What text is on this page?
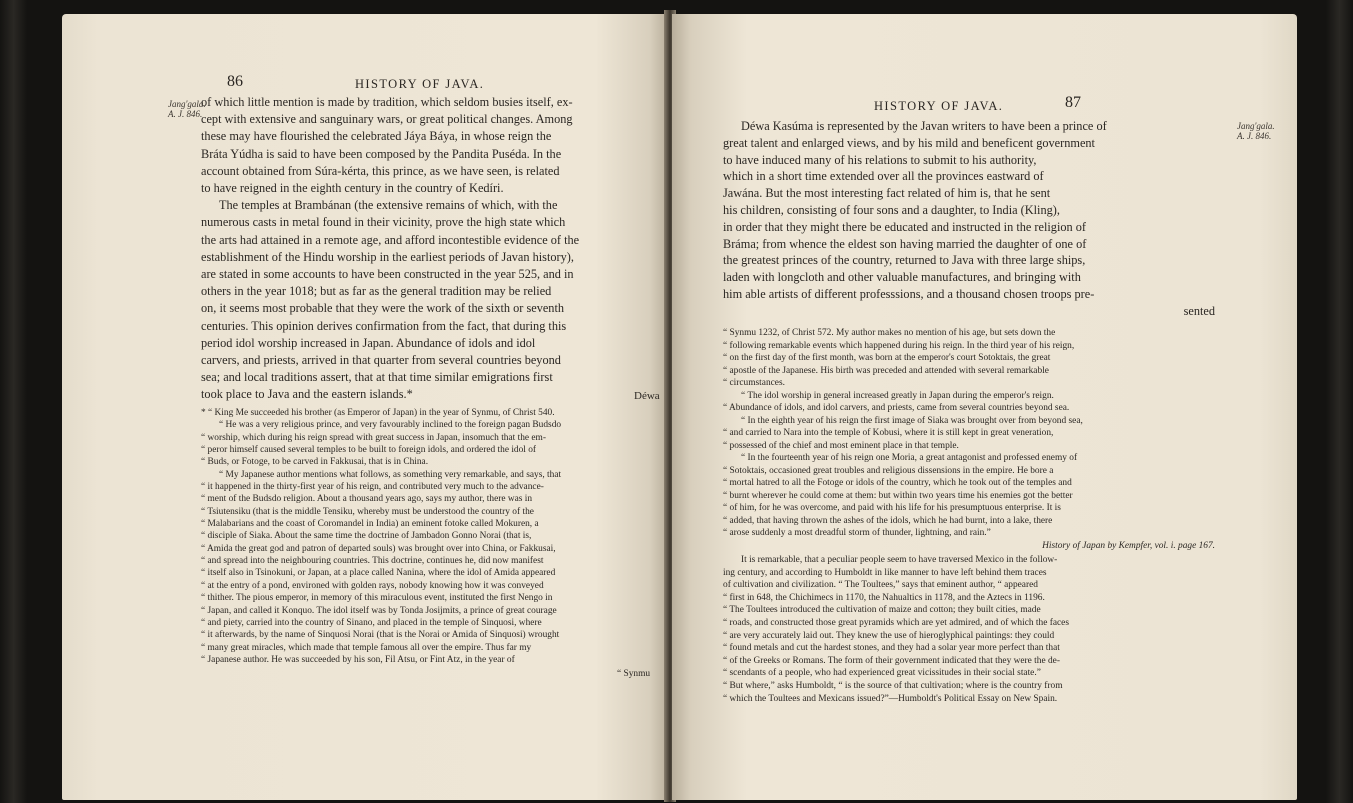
86	HISTORY OF JAVA.
Jang'gala.
A. J. 846.
of which little mention is made by tradition, which seldom busies itself, ex-
cept with extensive and sanguinary wars, or great political changes. Among
these may have flourished the celebrated Jáya Báya, in whose reign the
Bráta Yúdha is said to have been composed by the Pandita Puséda. In the
account obtained from Súra-kérta, this prince, as we have seen, is related
to have reigned in the eighth century in the country of Kedíri.
The temples at Brambánan (the extensive remains of which, with the
numerous casts in metal found in their vicinity, prove the high state which
the arts had attained in a remote age, and afford incontestible evidence of the
establishment of the Hindu worship in the earliest periods of Javan history),
are stated in some accounts to have been constructed in the year 525, and in
others in the year 1018; but as far as the general tradition may be relied
on, it seems most probable that they were the work of the sixth or seventh
centuries. This opinion derives confirmation from the fact, that during this
period idol worship increased in Japan. Abundance of idols and idol
carvers, and priests, arrived in that quarter from several countries beyond
sea; and local traditions assert, that at that time similar emigrations first
took place to Java and the eastern islands.*	Déwa
* “ King Me succeeded his brother (as Emperor of Japan) in the year of Synmu, of Christ 540.
“ He was a very religious prince, and very favourably inclined to the foreign pagan Budsdo
“ worship, which during his reign spread with great success in Japan, insomuch that the em-
“ peror himself caused several temples to be built to foreign idols, and ordered the idol of
“ Buds, or Fotoge, to be carved in Fakkusai, that is in China.
“ My Japanese author mentions what follows, as something very remarkable, and says, that
“ it happened in the thirty-first year of his reign, and contributed very much to the advance-
“ ment of the Budsdo religion. About a thousand years ago, says my author, there was in
“ Tsiutensiku (that is the middle Tensiku, whereby must be understood the country of the
“ Malabarians and the coast of Coromandel in India) an eminent fotoke called Mokuren, a
“ disciple of Siaka. About the same time the doctrine of Jambadon Gonno Norai (that is,
“ Amida the great god and patron of departed souls) was brought over into China, or Fakkusai,
“ and spread into the neighbouring countries. This doctrine, continues he, did now manifest
“ itself also in Tsinokuni, or Japan, at a place called Nanina, where the idol of Amida appeared
“ at the entry of a pond, environed with golden rays, nobody knowing how it was conveyed
“ thither. The pious emperor, in memory of this miraculous event, instituted the first Nengo in
“ Japan, and called it Konquo. The idol itself was by Tonda Josijmits, a prince of great courage
“ and piety, carried into the country of Sinano, and placed in the temple of Sinquosi, where
“ it afterwards, by the name of Sinquosi Norai (that is the Norai or Amida of Sinquosi) wrought
“ many great miracles, which made that temple famous all over the empire. Thus far my
“ Japanese author. He was succeeded by his son, Fil Atsu, or Fint Atz, in the year of
“ Synmu
HISTORY OF JAVA.	87
Jang'gala.
A. J. 846.
Déwa Kasúma is represented by the Javan writers to have been a prince of
great talent and enlarged views, and by his mild and beneficent government
to have induced many of his relations to submit to his authority,
which in a short time extended over all the provinces eastward of
Jawána. But the most interesting fact related of him is, that he sent
his children, consisting of four sons and a daughter, to India (Kling),
in order that they might there be educated and instructed in the religion of
Bráma; from whence the eldest son having married the daughter of one of
the greatest princes of the country, returned to Java with three large ships,
laden with longcloth and other valuable manufactures, and bringing with
him able artists of different professsions, and a thousand chosen troops pre-
sented
“ Synmu 1232, of Christ 572. My author makes no mention of his age, but sets down the
“ following remarkable events which happened during his reign. In the third year of his reign,
“ on the first day of the first month, was born at the emperor's court Sotoktais, the great
“ apostle of the Japanese. His birth was preceded and attended with several remarkable
“ circumstances.
“ The idol worship in general increased greatly in Japan during the emperor's reign.
“ Abundance of idols, and idol carvers, and priests, came from several countries beyond sea.
“ In the eighth year of his reign the first image of Siaka was brought over from beyond sea,
“ and carried to Nara into the temple of Kobusi, where it is still kept in great veneration,
“ possessed of the chief and most eminent place in that temple.
“ In the fourteenth year of his reign one Moria, a great antagonist and professed enemy of
“ Sotoktais, occasioned great troubles and religious dissensions in the empire. He bore a
“ mortal hatred to all the Fotoge or idols of the country, which he took out of the temples and
“ burnt wherever he could come at them: but within two years time his enemies got the better
“ of him, for he was overcome, and paid with his life for his presumptuous enterprise. It is
“ added, that having thrown the ashes of the idols, which he had burnt, into a lake, there
“ arose suddenly a most dreadful storm of thunder, lightning, and rain.”
History of Japan by Kempfer, vol. i. page 167.
It is remarkable, that a peculiar people seem to have traversed Mexico in the follow-
ing century, and according to Humboldt in like manner to have left behind them traces
of cultivation and civilization. “ The Toultees,” says that eminent author, “ appeared
“ first in 648, the Chichimecs in 1170, the Nahualtics in 1178, and the Aztecs in 1196.
“ The Toultees introduced the cultivation of maize and cotton; they built cities, made
“ roads, and constructed those great pyramids which are yet admired, and of which the faces
“ are very accurately laid out. They knew the use of hieroglyphical paintings: they could
“ found metals and cut the hardest stones, and they had a solar year more perfect than that
“ of the Greeks or Romans. The form of their government indicated that they were the de-
“ scendants of a people, who had experienced great vicissitudes in their social state.”
“ But where,” asks Humboldt, “ is the source of that cultivation; where is the country from
“ which the Toultees and Mexicans issued?”—Humboldt's Political Essay on New Spain.
